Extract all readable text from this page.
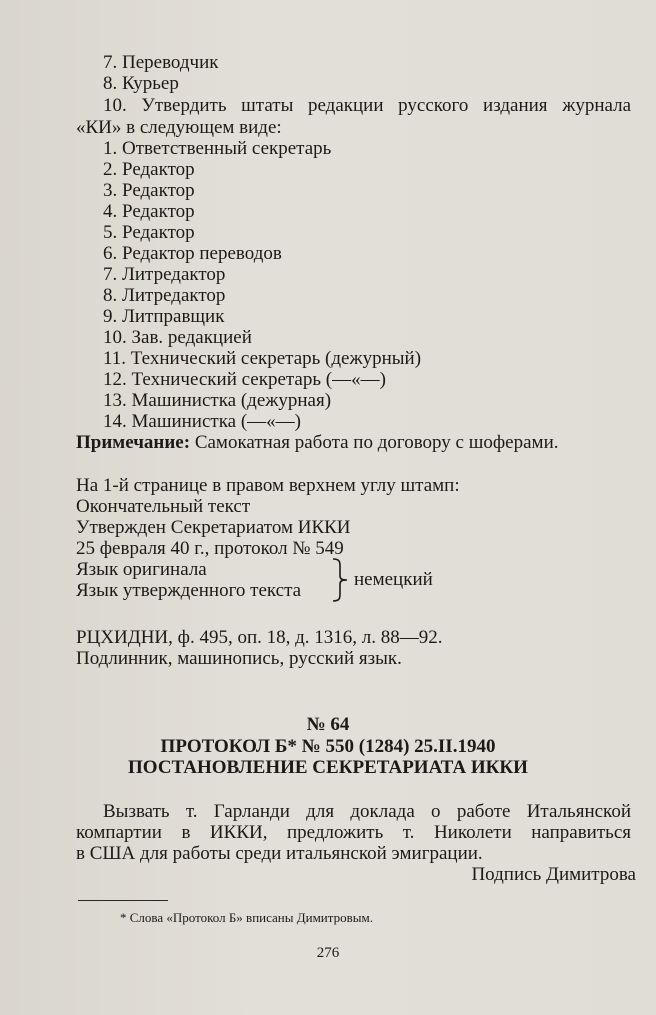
7. Переводчик
8. Курьер
10. Утвердить штаты редакции русского издания журнала
«КИ» в следующем виде:
1. Ответственный секретарь
2. Редактор
3. Редактор
4. Редактор
5. Редактор
6. Редактор переводов
7. Литредактор
8. Литредактор
9. Литправщик
10. Зав. редакцией
11. Технический секретарь (дежурный)
12. Технический секретарь (—«—)
13. Машинистка (дежурная)
14. Машинистка (—«—)
Примечание: Самокатная работа по договору с шоферами.
На 1-й странице в правом верхнем углу штамп:
Окончательный текст
Утвержден Секретариатом ИККИ
25 февраля 40 г., протокол № 549
Язык оригинала
Язык утвержденного текста
немецкий
РЦХИДНИ, ф. 495, оп. 18, д. 1316, л. 88—92.
Подлинник, машинопись, русский язык.
№ 64
ПРОТОКОЛ Б* № 550 (1284) 25.II.1940
ПОСТАНОВЛЕНИЕ СЕКРЕТАРИАТА ИККИ
Вызвать т. Гарланди для доклада о работе Итальянской
компартии в ИККИ, предложить т. Николети направиться
в США для работы среди итальянской эмиграции.
Подпись Димитрова
* Слова «Протокол Б» вписаны Димитровым.
276
